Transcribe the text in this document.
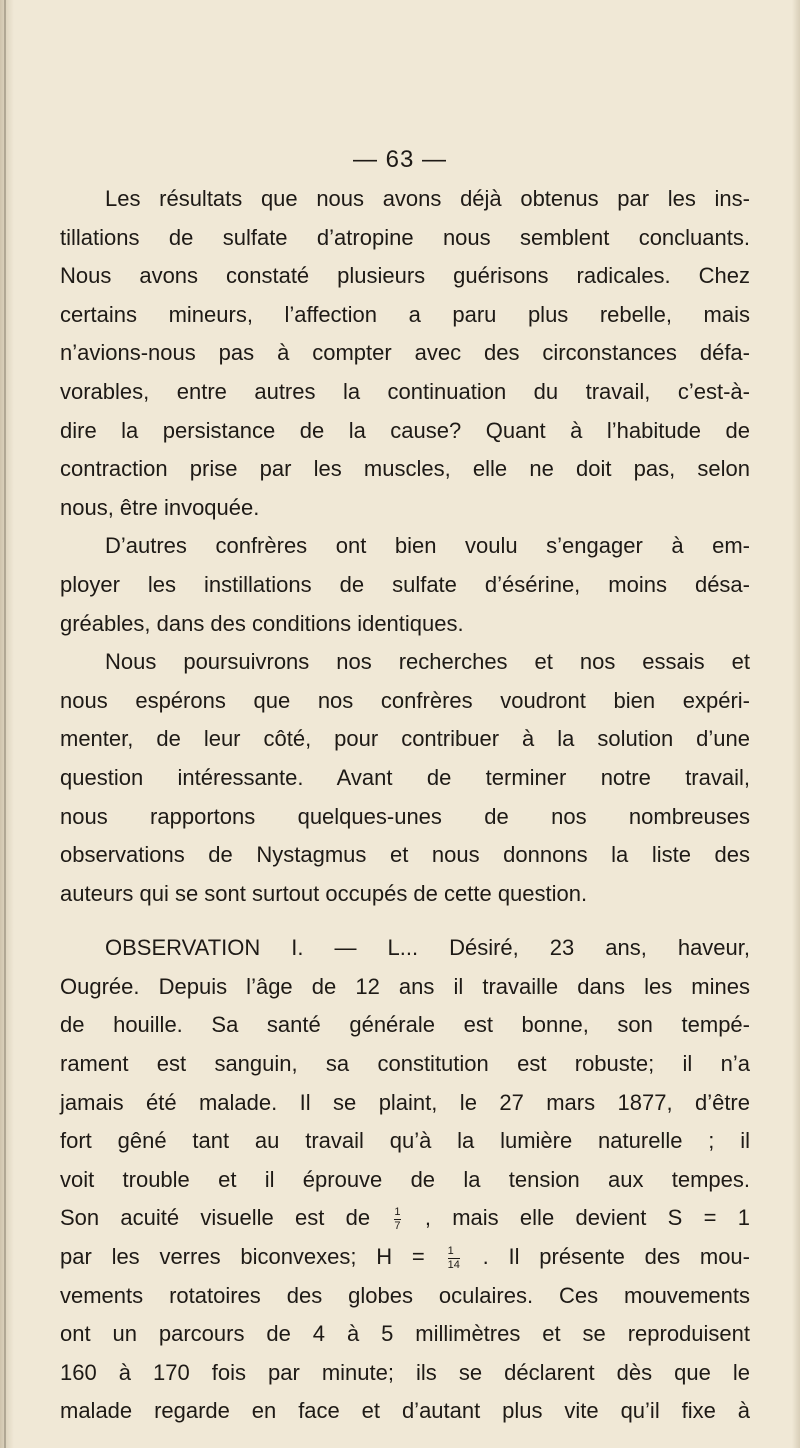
— 63 —
Les résultats que nous avons déjà obtenus par les ins-
tillations de sulfate d’atropine nous semblent concluants.
Nous avons constaté plusieurs guérisons radicales. Chez
certains mineurs, l’affection a paru plus rebelle, mais
n’avions-nous pas à compter avec des circonstances défa-
vorables, entre autres la continuation du travail, c’est-à-
dire la persistance de la cause? Quant à l’habitude de
contraction prise par les muscles, elle ne doit pas, selon
nous, être invoquée.
D’autres confrères ont bien voulu s’engager à em-
ployer les instillations de sulfate d’ésérine, moins désa-
gréables, dans des conditions identiques.
Nous poursuivrons nos recherches et nos essais et
nous espérons que nos confrères voudront bien expéri-
menter, de leur côté, pour contribuer à la solution d’une
question intéressante. Avant de terminer notre travail,
nous rapportons quelques-unes de nos nombreuses
observations de Nystagmus et nous donnons la liste des
auteurs qui se sont surtout occupés de cette question.
OBSERVATION I. — L... Désiré, 23 ans, haveur,
Ougrée. Depuis l’âge de 12 ans il travaille dans les mines
de houille. Sa santé générale est bonne, son tempé-
rament est sanguin, sa constitution est robuste; il n’a
jamais été malade. Il se plaint, le 27 mars 1877, d’être
fort gêné tant au travail qu’à la lumière naturelle ; il
voit trouble et il éprouve de la tension aux tempes.
Son acuité visuelle est de $\frac{1}{7}$ , mais elle devient S = 1
par les verres biconvexes; $H = \frac{1}{14}$ . Il présente des mou-
vements rotatoires des globes oculaires. Ces mouvements
ont un parcours de 4 à 5 millimètres et se reproduisent
160 à 170 fois par minute; ils se déclarent dès que le
malade regarde en face et d’autant plus vite qu’il fixe à
